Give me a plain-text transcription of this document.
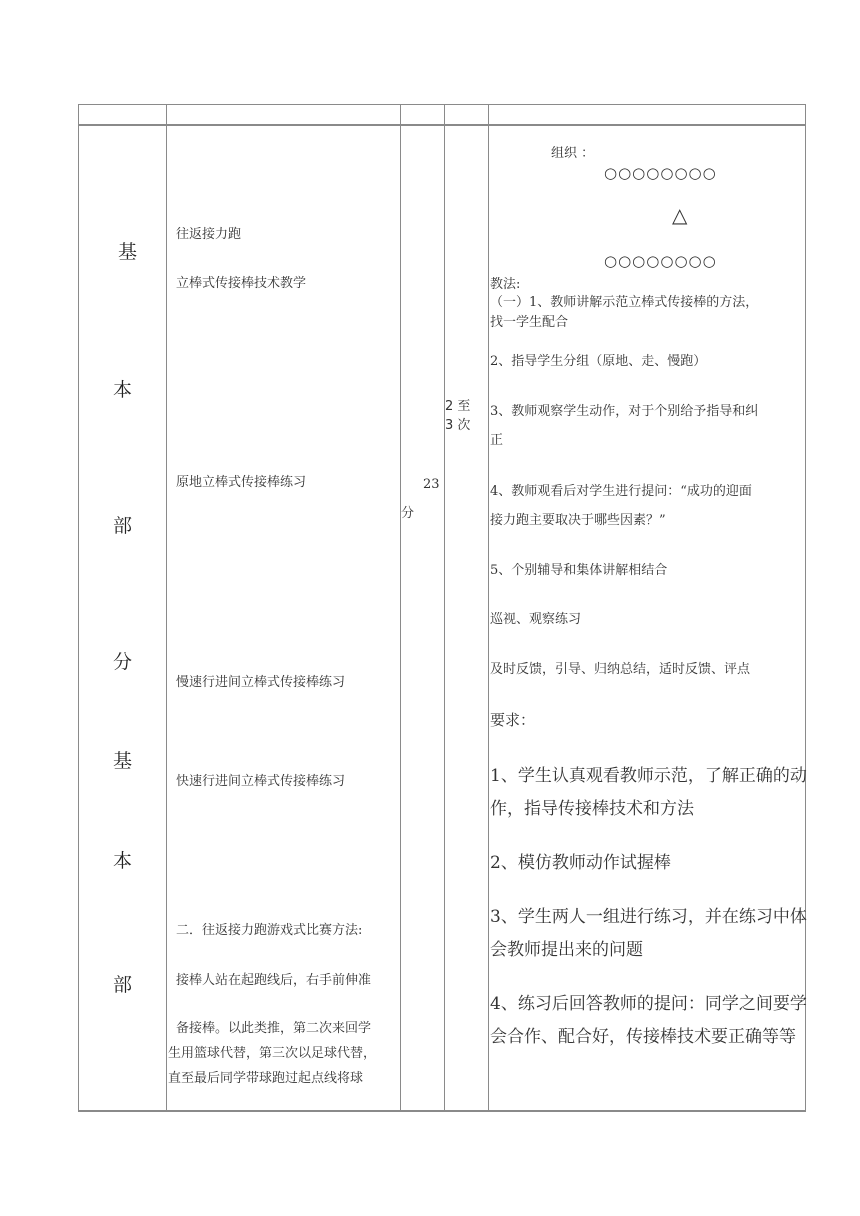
基
本
部
分
基
本
部
往返接力跑
立棒式传接棒技术教学
原地立棒式传接棒练习
慢速行进间立棒式传接棒练习
快速行进间立棒式传接棒练习
二．往返接力跑游戏式比赛方法:
接棒人站在起跑线后，右手前伸准
备接棒。以此类推，第二次来回学
生用篮球代替，第三次以足球代替，
直至最后同学带球跑过起点线将球
23
分
2 至
3 次
组织 ：
○○○○○○○○
△
○○○○○○○○
教法:
（一）1、教师讲解示范立棒式传接棒的方法，
找一学生配合
2、指导学生分组（原地、走、慢跑）
3、教师观察学生动作，对于个别给予指导和纠
正
4、教师观看后对学生进行提问：“成功的迎面
接力跑主要取决于哪些因素？”
5、个别辅导和集体讲解相结合
巡视、观察练习
及时反馈，引导、归纳总结，适时反馈、评点
要求：
1、学生认真观看教师示范，了解正确的动
作，指导传接棒技术和方法
2、模仿教师动作试握棒
3、学生两人一组进行练习，并在练习中体
会教师提出来的问题
4、练习后回答教师的提问：同学之间要学
会合作、配合好，传接棒技术要正确等等
